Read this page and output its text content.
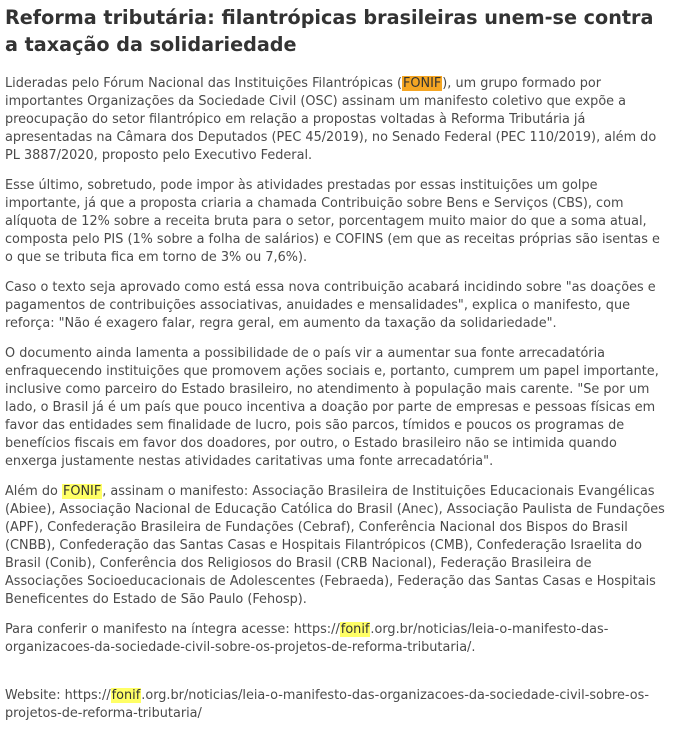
Reforma tributária: filantrópicas brasileiras unem-se contra a taxação da solidariedade

Lideradas pelo Fórum Nacional das Instituições Filantrópicas (FONIF), um grupo formado por importantes Organizações da Sociedade Civil (OSC) assinam um manifesto coletivo que expõe a preocupação do setor filantrópico em relação a propostas voltadas à Reforma Tributária já apresentadas na Câmara dos Deputados (PEC 45/2019), no Senado Federal (PEC 110/2019), além do PL 3887/2020, proposto pelo Executivo Federal.

Esse último, sobretudo, pode impor às atividades prestadas por essas instituições um golpe importante, já que a proposta criaria a chamada Contribuição sobre Bens e Serviços (CBS), com alíquota de 12% sobre a receita bruta para o setor, porcentagem muito maior do que a soma atual, composta pelo PIS (1% sobre a folha de salários) e COFINS (em que as receitas próprias são isentas e o que se tributa fica em torno de 3% ou 7,6%).

Caso o texto seja aprovado como está essa nova contribuição acabará incidindo sobre "as doações e pagamentos de contribuições associativas, anuidades e mensalidades", explica o manifesto, que reforça: "Não é exagero falar, regra geral, em aumento da taxação da solidariedade".

O documento ainda lamenta a possibilidade de o país vir a aumentar sua fonte arrecadatória enfraquecendo instituições que promovem ações sociais e, portanto, cumprem um papel importante, inclusive como parceiro do Estado brasileiro, no atendimento à população mais carente. "Se por um lado, o Brasil já é um país que pouco incentiva a doação por parte de empresas e pessoas físicas em favor das entidades sem finalidade de lucro, pois são parcos, tímidos e poucos os programas de benefícios fiscais em favor dos doadores, por outro, o Estado brasileiro não se intimida quando enxerga justamente nestas atividades caritativas uma fonte arrecadatória".

Além do FONIF, assinam o manifesto: Associação Brasileira de Instituições Educacionais Evangélicas (Abiee), Associação Nacional de Educação Católica do Brasil (Anec), Associação Paulista de Fundações (APF), Confederação Brasileira de Fundações (Cebraf), Conferência Nacional dos Bispos do Brasil (CNBB), Confederação das Santas Casas e Hospitais Filantrópicos (CMB), Confederação Israelita do Brasil (Conib), Conferência dos Religiosos do Brasil (CRB Nacional), Federação Brasileira de Associações Socioeducacionais de Adolescentes (Febraeda), Federação das Santas Casas e Hospitais Beneficentes do Estado de São Paulo (Fehosp).

Para conferir o manifesto na íntegra acesse: https://fonif.org.br/noticias/leia-o-manifesto-das-organizacoes-da-sociedade-civil-sobre-os-projetos-de-reforma-tributaria/.

Website: https://fonif.org.br/noticias/leia-o-manifesto-das-organizacoes-da-sociedade-civil-sobre-os-projetos-de-reforma-tributaria/
